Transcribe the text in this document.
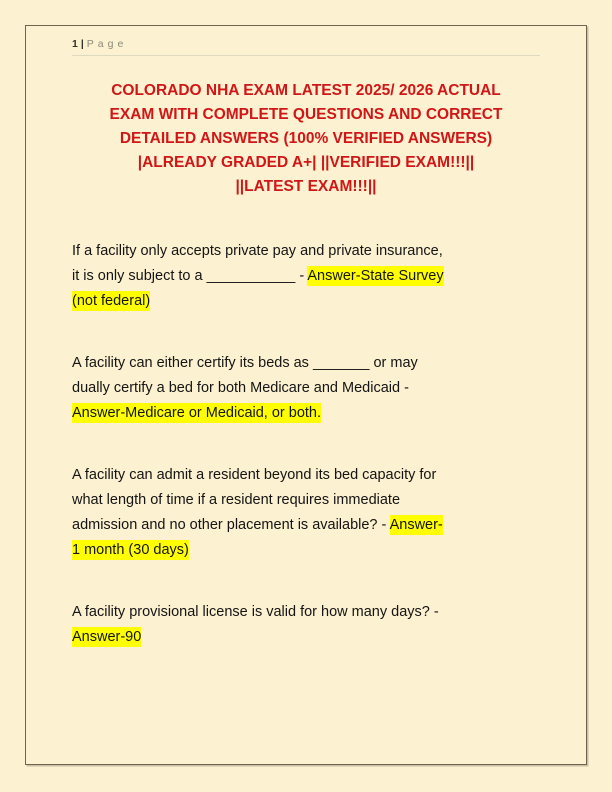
1 | Page
COLORADO NHA EXAM LATEST 2025/ 2026 ACTUAL
EXAM WITH COMPLETE QUESTIONS AND CORRECT
DETAILED ANSWERS (100% VERIFIED ANSWERS)
|ALREADY GRADED A+| ||VERIFIED EXAM!!!||
||LATEST EXAM!!!||

If a facility only accepts private pay and private insurance,
it is only subject to a ___________ - Answer-State Survey
(not federal)

A facility can either certify its beds as _______ or may
dually certify a bed for both Medicare and Medicaid -
Answer-Medicare or Medicaid, or both.

A facility can admit a resident beyond its bed capacity for
what length of time if a resident requires immediate
admission and no other placement is available? - Answer-
1 month (30 days)

A facility provisional license is valid for how many days? -
Answer-90
